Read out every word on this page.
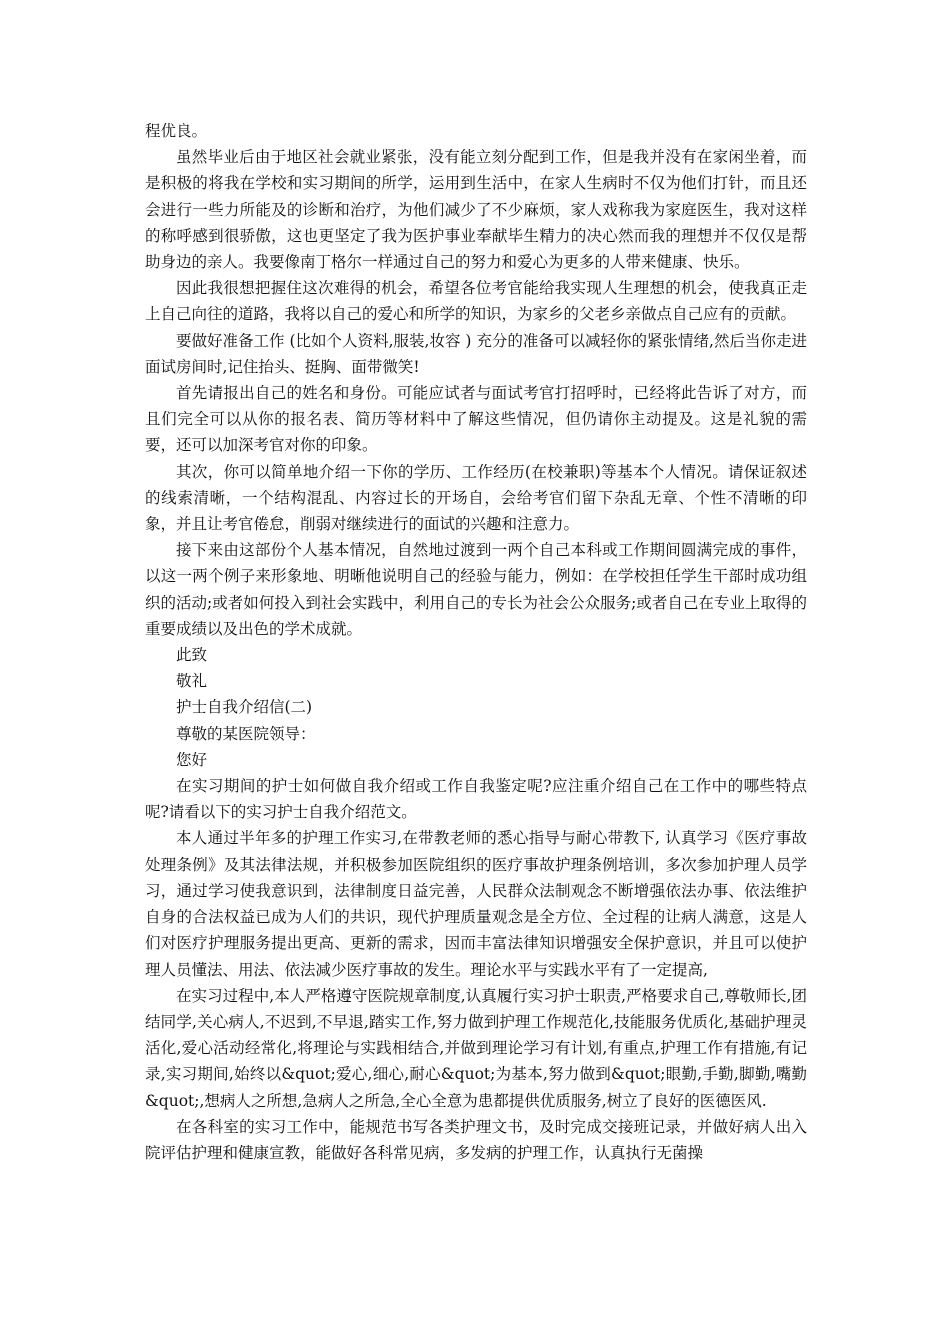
程优良。

虽然毕业后由于地区社会就业紧张，没有能立刻分配到工作，但是我并没有在家闲坐着，而是积极的将我在学校和实习期间的所学，运用到生活中，在家人生病时不仅为他们打针，而且还会进行一些力所能及的诊断和治疗，为他们减少了不少麻烦，家人戏称我为家庭医生，我对这样的称呼感到很骄傲，这也更坚定了我为医护事业奉献毕生精力的决心然而我的理想并不仅仅是帮助身边的亲人。我要像南丁格尔一样通过自己的努力和爱心为更多的人带来健康、快乐。

因此我很想把握住这次难得的机会，希望各位考官能给我实现人生理想的机会，使我真正走上自己向往的道路，我将以自己的爱心和所学的知识，为家乡的父老乡亲做点自己应有的贡献。

要做好准备工作 (比如个人资料,服装,妆容 ) 充分的准备可以减轻你的紧张情绪,然后当你走进面试房间时,记住抬头、挺胸、面带微笑!

首先请报出自己的姓名和身份。可能应试者与面试考官打招呼时，已经将此告诉了对方，而且们完全可以从你的报名表、简历等材料中了解这些情况，但仍请你主动提及。这是礼貌的需要，还可以加深考官对你的印象。

其次，你可以简单地介绍一下你的学历、工作经历(在校兼职)等基本个人情况。请保证叙述的线索清晰，一个结构混乱、内容过长的开场自，会给考官们留下杂乱无章、个性不清晰的印象，并且让考官倦怠，削弱对继续进行的面试的兴趣和注意力。

接下来由这部份个人基本情况，自然地过渡到一两个自己本科或工作期间圆满完成的事件，以这一两个例子来形象地、明晰他说明自己的经验与能力，例如：在学校担任学生干部时成功组织的活动;或者如何投入到社会实践中，利用自己的专长为社会公众服务;或者自己在专业上取得的重要成绩以及出色的学术成就。

此致

敬礼

护士自我介绍信(二)

尊敬的某医院领导：

您好

在实习期间的护士如何做自我介绍或工作自我鉴定呢?应注重介绍自己在工作中的哪些特点呢?请看以下的实习护士自我介绍范文。

本人通过半年多的护理工作实习,在带教老师的悉心指导与耐心带教下, 认真学习《医疗事故处理条例》及其法律法规，并积极参加医院组织的医疗事故护理条例培训，多次参加护理人员学习，通过学习使我意识到，法律制度日益完善，人民群众法制观念不断增强依法办事、依法维护自身的合法权益已成为人们的共识，现代护理质量观念是全方位、全过程的让病人满意，这是人们对医疗护理服务提出更高、更新的需求，因而丰富法律知识增强安全保护意识，并且可以使护理人员懂法、用法、依法减少医疗事故的发生。理论水平与实践水平有了一定提高,

在实习过程中,本人严格遵守医院规章制度,认真履行实习护士职责,严格要求自己,尊敬师长,团结同学,关心病人,不迟到,不早退,踏实工作,努力做到护理工作规范化,技能服务优质化,基础护理灵活化,爱心活动经常化,将理论与实践相结合,并做到理论学习有计划,有重点,护理工作有措施,有记录,实习期间,始终以&quot;爱心,细心,耐心&quot;为基本,努力做到&quot;眼勤,手勤,脚勤,嘴勤&quot;,想病人之所想,急病人之所急,全心全意为患都提供优质服务,树立了良好的医德医风.

在各科室的实习工作中，能规范书写各类护理文书，及时完成交接班记录，并做好病人出入院评估护理和健康宣教，能做好各科常见病，多发病的护理工作，认真执行无菌操
